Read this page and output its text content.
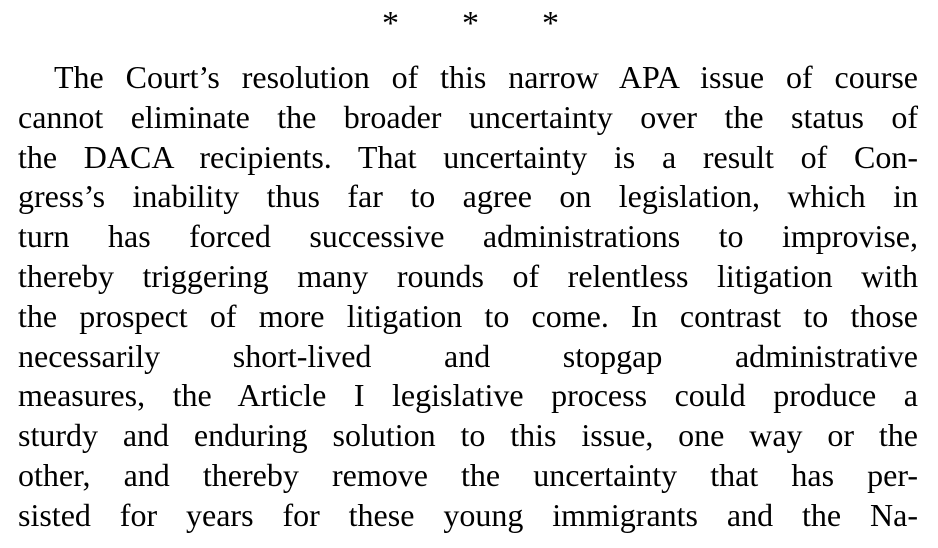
* * *
The Court’s resolution of this narrow APA issue of course
cannot eliminate the broader uncertainty over the status of
the DACA recipients. That uncertainty is a result of Con-
gress’s inability thus far to agree on legislation, which in
turn has forced successive administrations to improvise,
thereby triggering many rounds of relentless litigation with
the prospect of more litigation to come. In contrast to those
necessarily short-lived and stopgap administrative
measures, the Article I legislative process could produce a
sturdy and enduring solution to this issue, one way or the
other, and thereby remove the uncertainty that has per-
sisted for years for these young immigrants and the Na-
